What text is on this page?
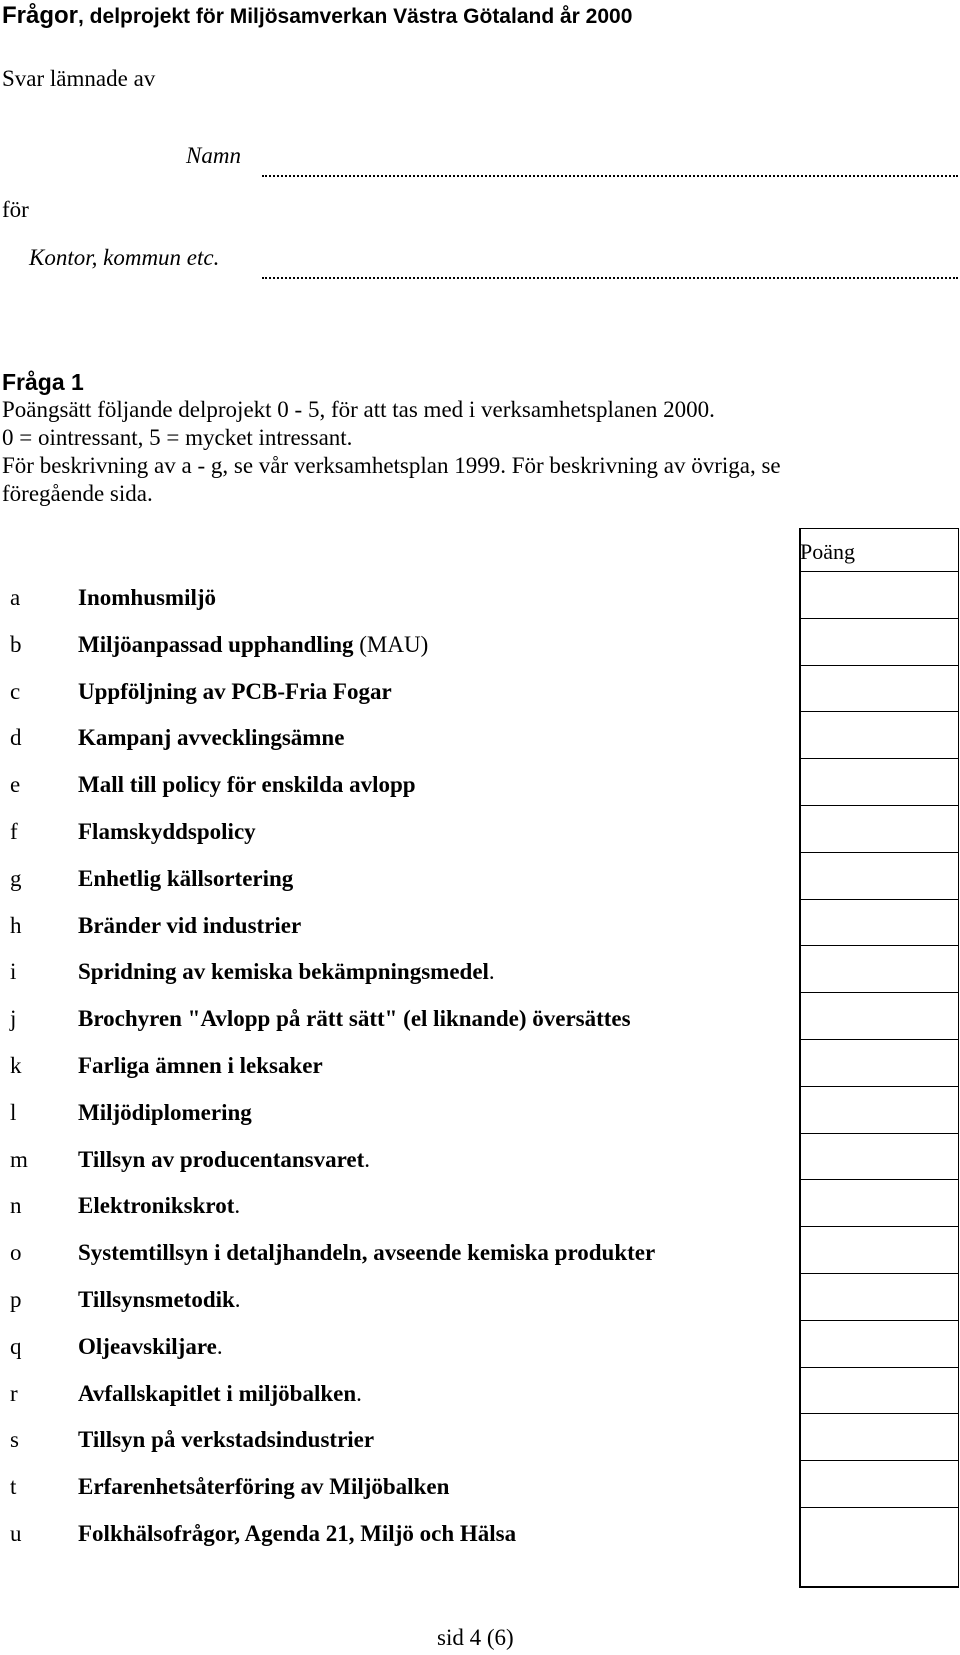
Frågor, delprojekt för Miljösamverkan Västra Götaland år 2000
Svar lämnade av
Namn
för
Kontor, kommun etc.
Fråga 1
Poängsätt följande delprojekt 0 - 5, för att tas med i verksamhetsplanen 2000.
0 = ointressant, 5 = mycket intressant.
För beskrivning av a - g, se vår verksamhetsplan 1999. För beskrivning av övriga, se
föregående sida.
Poäng
a	Inomhusmiljö
b Miljöanpassad upphandling (MAU)
c	Uppföljning av PCB-Fria Fogar
d Kampanj avvecklingsämne
e	Mall till policy för enskilda avlopp
f	Flamskyddspolicy
g Enhetlig källsortering
h Bränder vid industrier
i	Spridning av kemiska bekämpningsmedel.
j	Brochyren "Avlopp på rätt sätt" (el liknande) översättes
k Farliga ämnen i leksaker
l	Miljödiplomering
m Tillsyn av producentansvaret.
n Elektronikskrot.
o Systemtillsyn i detaljhandeln, avseende kemiska produkter
p Tillsynsmetodik.
q Oljeavskiljare.
r	Avfallskapitlet i miljöbalken.
s	Tillsyn på verkstadsindustrier
t	Erfarenhetsåterföring av Miljöbalken
u Folkhälsofrågor, Agenda 21, Miljö och Hälsa
sid 4 (6)
